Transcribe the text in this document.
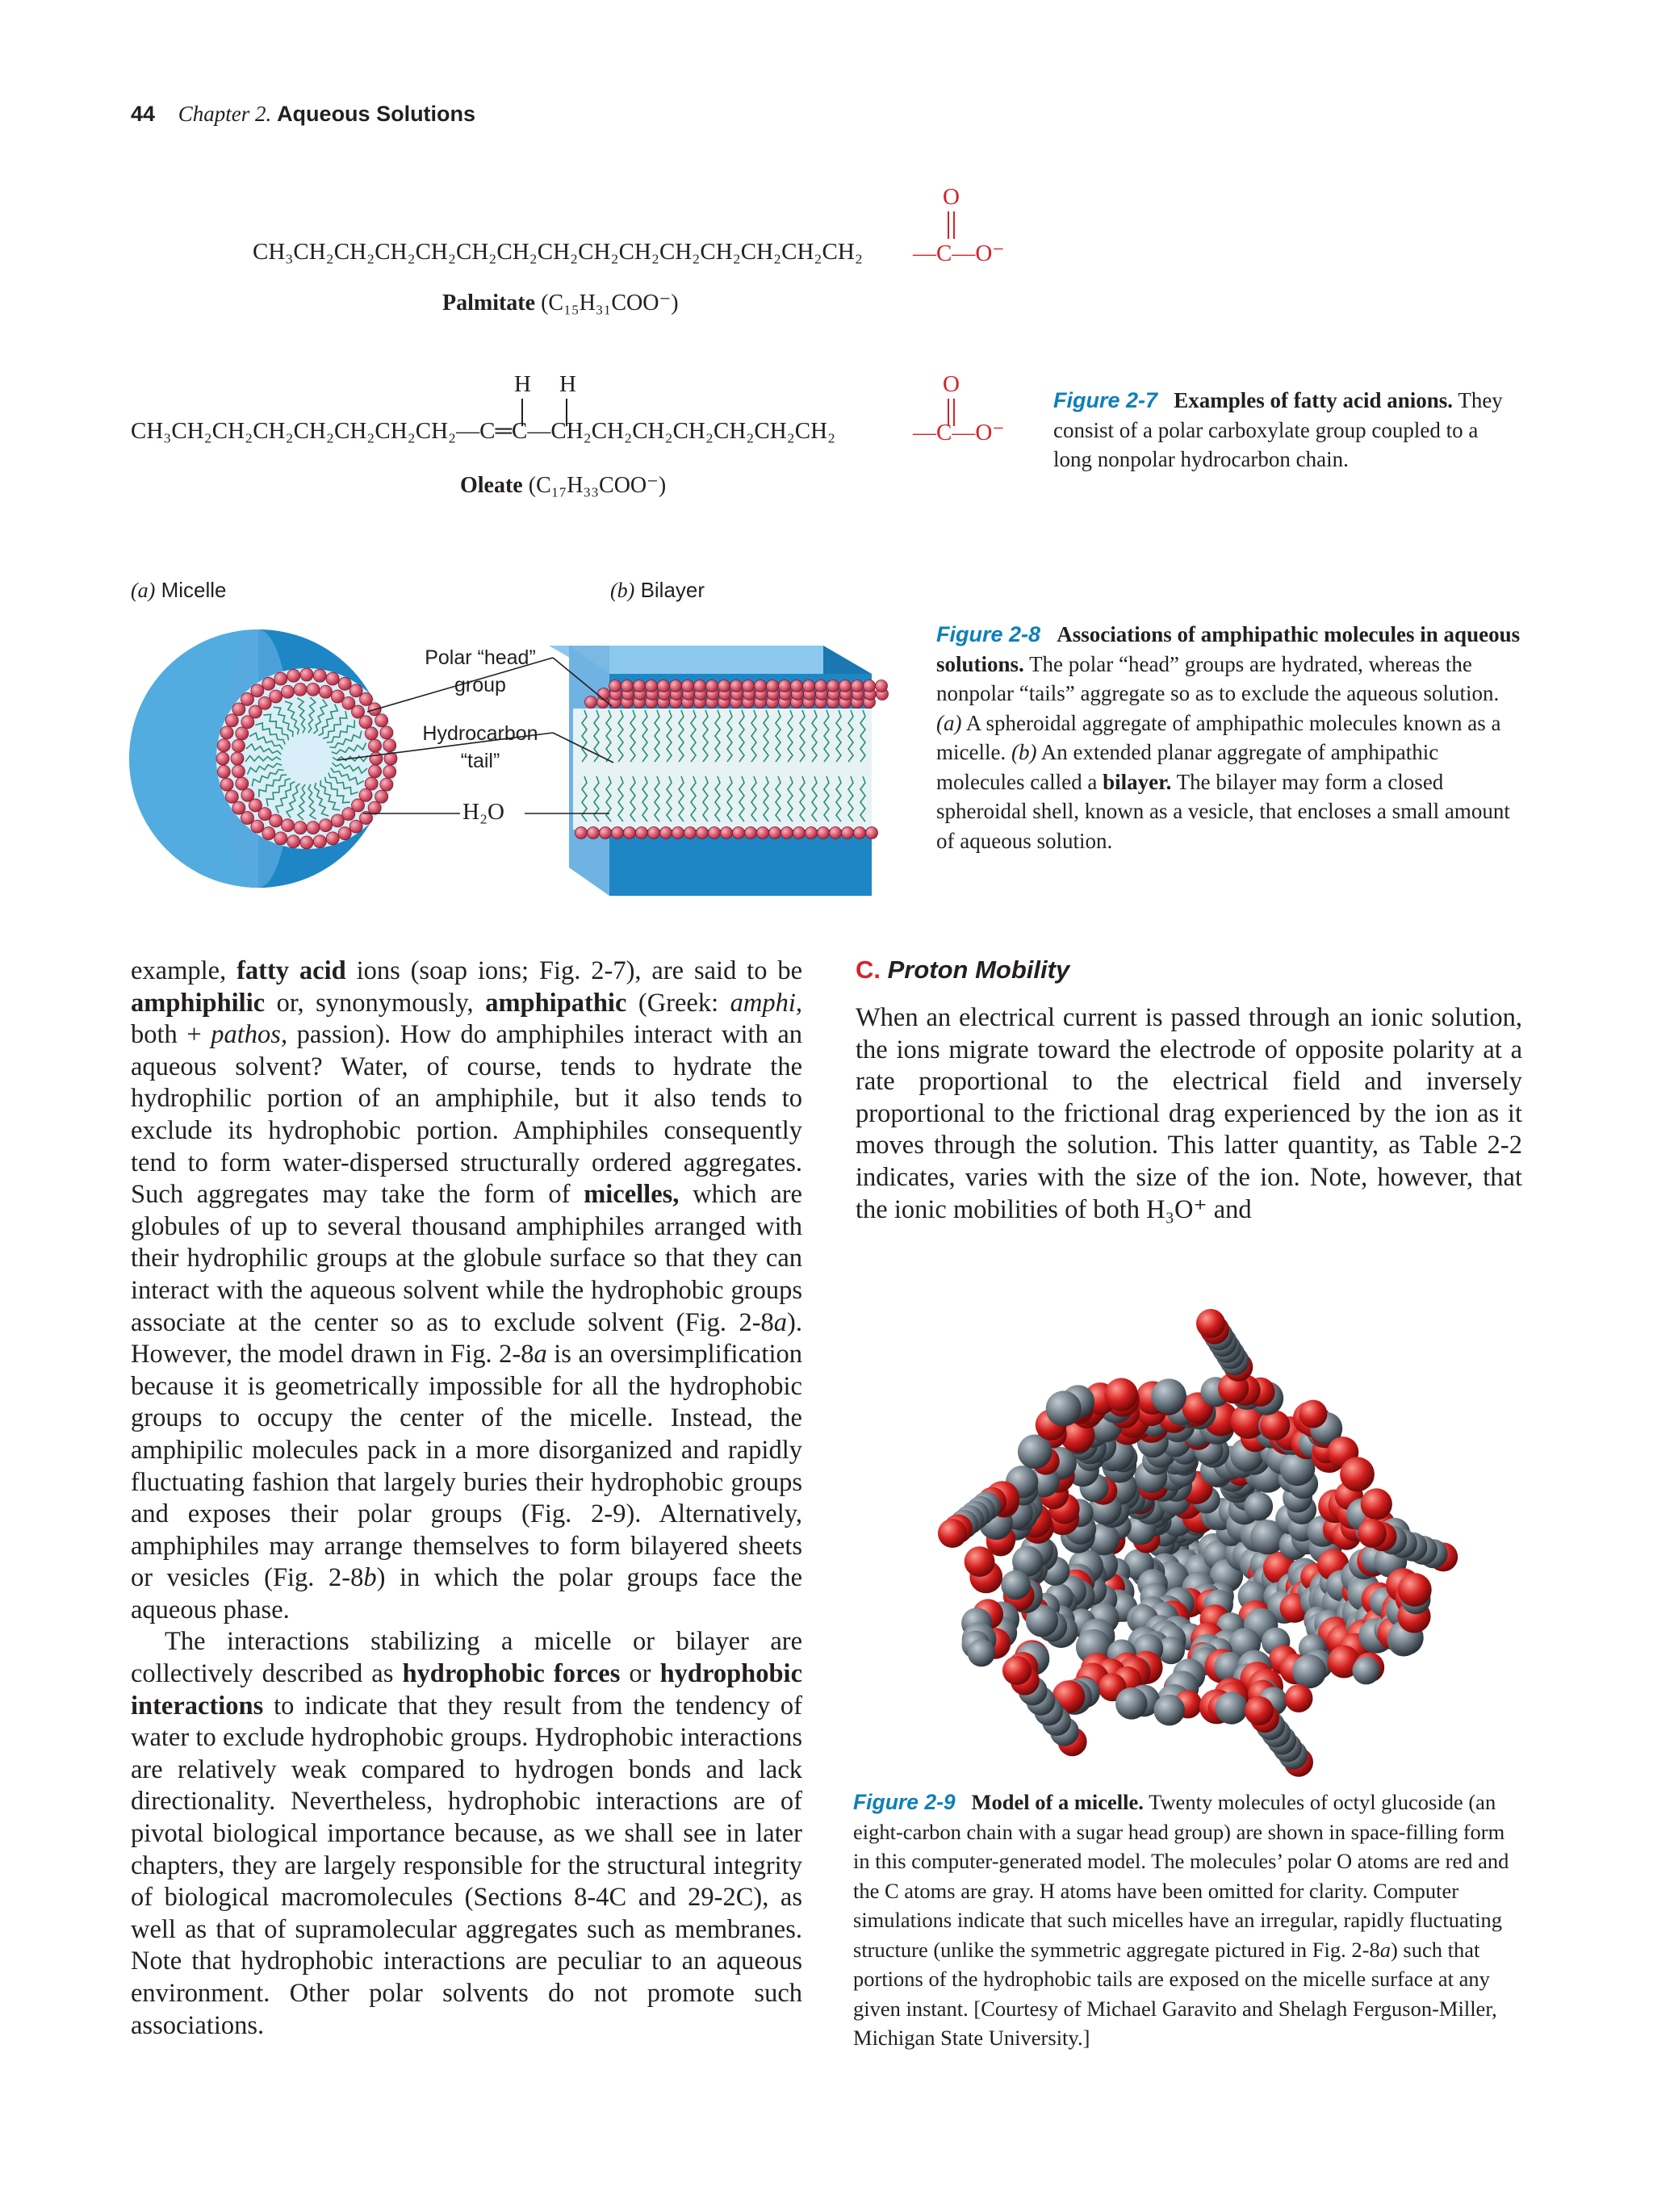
44 Chapter 2. Aqueous Solutions
O
CH₃CH₂CH₂CH₂CH₂CH₂CH₂CH₂CH₂CH₂CH₂CH₂CH₂CH₂CH₂ —C—O⁻
Palmitate (C₁₅H₃₁COO⁻)
H H	O
CH₃CH₂CH₂CH₂CH₂CH₂CH₂CH₂—C═C—CH₂CH₂CH₂CH₂CH₂CH₂CH₂	—C—O⁻
Oleate (C₁₇H₃₃COO⁻)
Figure 2-7 Examples of fatty acid anions. They consist of a polar carboxylate group coupled to a long nonpolar hydrocarbon chain.
(a) Micelle	(b) Bilayer
Polar “head”
group
Hydrocarbon
“tail”
H₂O
Figure 2-8 Associations of amphipathic molecules in aqueous solutions. The polar “head” groups are hydrated, whereas the nonpolar “tails” aggregate so as to exclude the aqueous solution. (a) A spheroidal aggregate of amphipathic molecules known as a micelle. (b) An extended planar aggregate of amphipathic molecules called a bilayer. The bilayer may form a closed spheroidal shell, known as a vesicle, that encloses a small amount of aqueous solution.

example, fatty acid ions (soap ions; Fig. 2-7), are said to be amphiphilic or, synonymously, amphipathic (Greek: amphi, both + pathos, passion). How do amphiphiles interact with an aqueous solvent? Water, of course, tends to hydrate the hydrophilic portion of an amphiphile, but it also tends to exclude its hydrophobic portion. Amphiphiles consequently tend to form water-dispersed structurally ordered aggregates. Such aggregates may take the form of micelles, which are globules of up to several thousand amphiphiles arranged with their hydrophilic groups at the globule surface so that they can interact with the aqueous solvent while the hydrophobic groups associate at the center so as to exclude solvent (Fig. 2-8a). However, the model drawn in Fig. 2-8a is an oversimplification because it is geometrically impossible for all the hydrophobic groups to occupy the center of the micelle. Instead, the amphipilic molecules pack in a more disorganized and rapidly fluctuating fashion that largely buries their hydrophobic groups and exposes their polar groups (Fig. 2-9). Alternatively, amphiphiles may arrange themselves to form bilayered sheets or vesicles (Fig. 2-8b) in which the polar groups face the aqueous phase.

The interactions stabilizing a micelle or bilayer are collectively described as hydrophobic forces or hydrophobic interactions to indicate that they result from the tendency of water to exclude hydrophobic groups. Hydrophobic interactions are relatively weak compared to hydrogen bonds and lack directionality. Nevertheless, hydrophobic interactions are of pivotal biological importance because, as we shall see in later chapters, they are largely responsible for the structural integrity of biological macromolecules (Sections 8-4C and 29-2C), as well as that of supramolecular aggregates such as membranes. Note that hydrophobic interactions are peculiar to an aqueous environment. Other polar solvents do not promote such associations.

C. Proton Mobility

When an electrical current is passed through an ionic solution, the ions migrate toward the electrode of opposite polarity at a rate proportional to the electrical field and inversely proportional to the frictional drag experienced by the ion as it moves through the solution. This latter quantity, as Table 2-2 indicates, varies with the size of the ion. Note, however, that the ionic mobilities of both H₃O⁺ and

Figure 2-9 Model of a micelle. Twenty molecules of octyl glucoside (an eight-carbon chain with a sugar head group) are shown in space-filling form in this computer-generated model. The molecules’ polar O atoms are red and the C atoms are gray. H atoms have been omitted for clarity. Computer simulations indicate that such micelles have an irregular, rapidly fluctuating structure (unlike the symmetric aggregate pictured in Fig. 2-8a) such that portions of the hydrophobic tails are exposed on the micelle surface at any given instant. [Courtesy of Michael Garavito and Shelagh Ferguson-Miller, Michigan State University.]
